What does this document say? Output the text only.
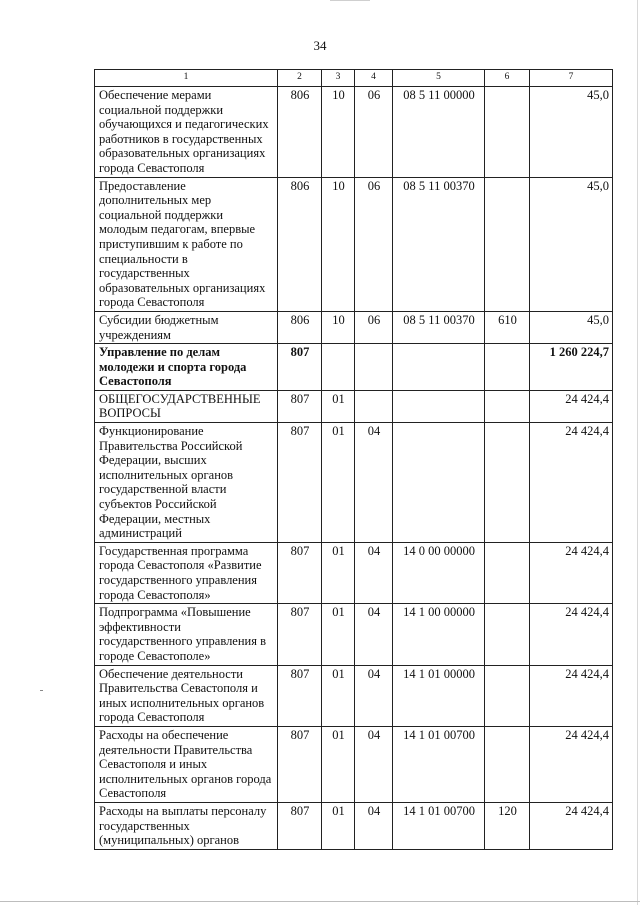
34
1	2	3	4	5	6	7
Обеспечение мерами социальной поддержки обучающихся и педагогических работников в государственных образовательных организациях города Севастополя	806	10	06	08 5 11 00000		45,0
Предоставление дополнительных мер социальной поддержки молодым педагогам, впервые приступившим к работе по специальности в государственных образовательных организациях города Севастополя	806	10	06	08 5 11 00370		45,0
Субсидии бюджетным учреждениям	806	10	06	08 5 11 00370	610	45,0
Управление по делам молодежи и спорта города Севастополя	807					1 260 224,7
ОБЩЕГОСУДАРСТВЕННЫЕ ВОПРОСЫ	807	01				24 424,4
Функционирование Правительства Российской Федерации, высших исполнительных органов государственной власти субъектов Российской Федерации, местных администраций	807	01	04			24 424,4
Государственная программа города Севастополя «Развитие государственного управления города Севастополя»	807	01	04	14 0 00 00000		24 424,4
Подпрограмма «Повышение эффективности государственного управления в городе Севастополе»	807	01	04	14 1 00 00000		24 424,4
Обеспечение деятельности Правительства Севастополя и иных исполнительных органов города Севастополя	807	01	04	14 1 01 00000		24 424,4
Расходы на обеспечение деятельности Правительства Севастополя и иных исполнительных органов города Севастополя	807	01	04	14 1 01 00700		24 424,4
Расходы на выплаты персоналу государственных (муниципальных) органов	807	01	04	14 1 01 00700	120	24 424,4
